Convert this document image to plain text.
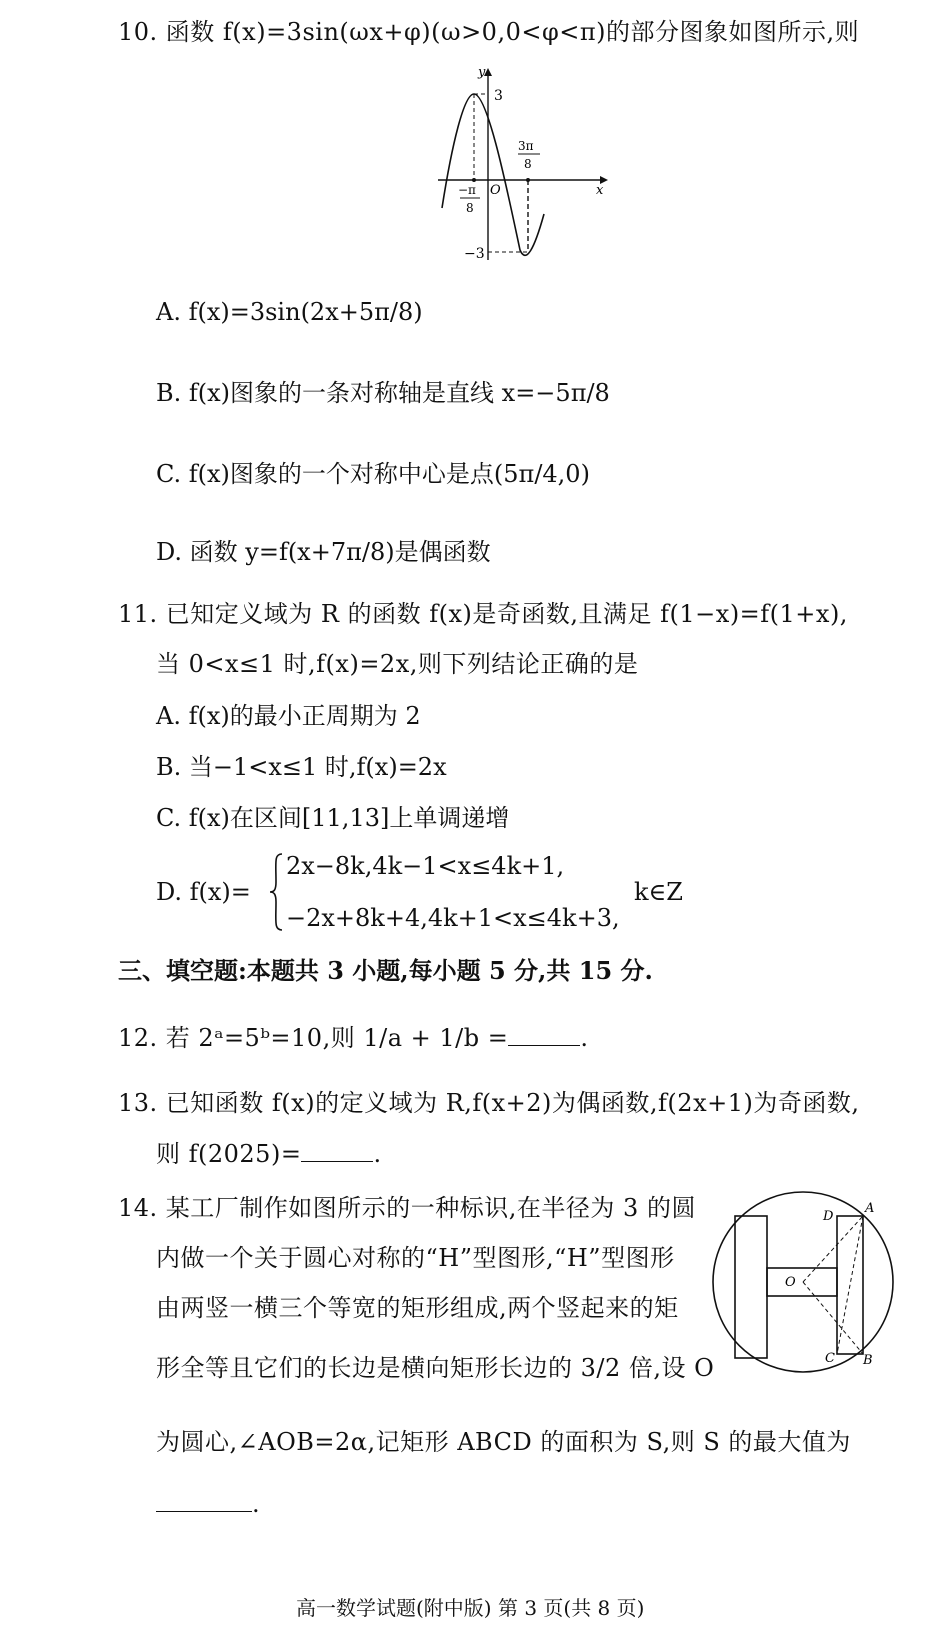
10. 函数 f(x)=3sin(ωx+φ)(ω>0,0<φ<π)的部分图象如图所示,则
y
x
O
3
−3
−π
8
3π
8
A. f(x)=3sin(2x+5π/8)
B. f(x)图象的一条对称轴是直线 x=−5π/8
C. f(x)图象的一个对称中心是点(5π/4,0)
D. 函数 y=f(x+7π/8)是偶函数
11. 已知定义域为 R 的函数 f(x)是奇函数,且满足 f(1−x)=f(1+x),
当 0<x≤1 时,f(x)=2x,则下列结论正确的是
A. f(x)的最小正周期为 2
B. 当−1<x≤1 时,f(x)=2x
C. f(x)在区间[11,13]上单调递增
D. f(x)=
2x−8k,4k−1<x≤4k+1,
−2x+8k+4,4k+1<x≤4k+3,
k∈Z
三、填空题:本题共 3 小题,每小题 5 分,共 15 分.
12. 若 2ᵃ=5ᵇ=10,则 1/a + 1/b =	.
13. 已知函数 f(x)的定义域为 R,f(x+2)为偶函数,f(2x+1)为奇函数,
则 f(2025)=	.
14. 某工厂制作如图所示的一种标识,在半径为 3 的圆
内做一个关于圆心对称的“H”型图形,“H”型图形
由两竖一横三个等宽的矩形组成,两个竖起来的矩
形全等且它们的长边是横向矩形长边的 3/2 倍,设 O
为圆心,∠AOB=2α,记矩形 ABCD 的面积为 S,则 S 的最大值为
.
A
B
C
D
O
高一数学试题(附中版) 第 3 页(共 8 页)
